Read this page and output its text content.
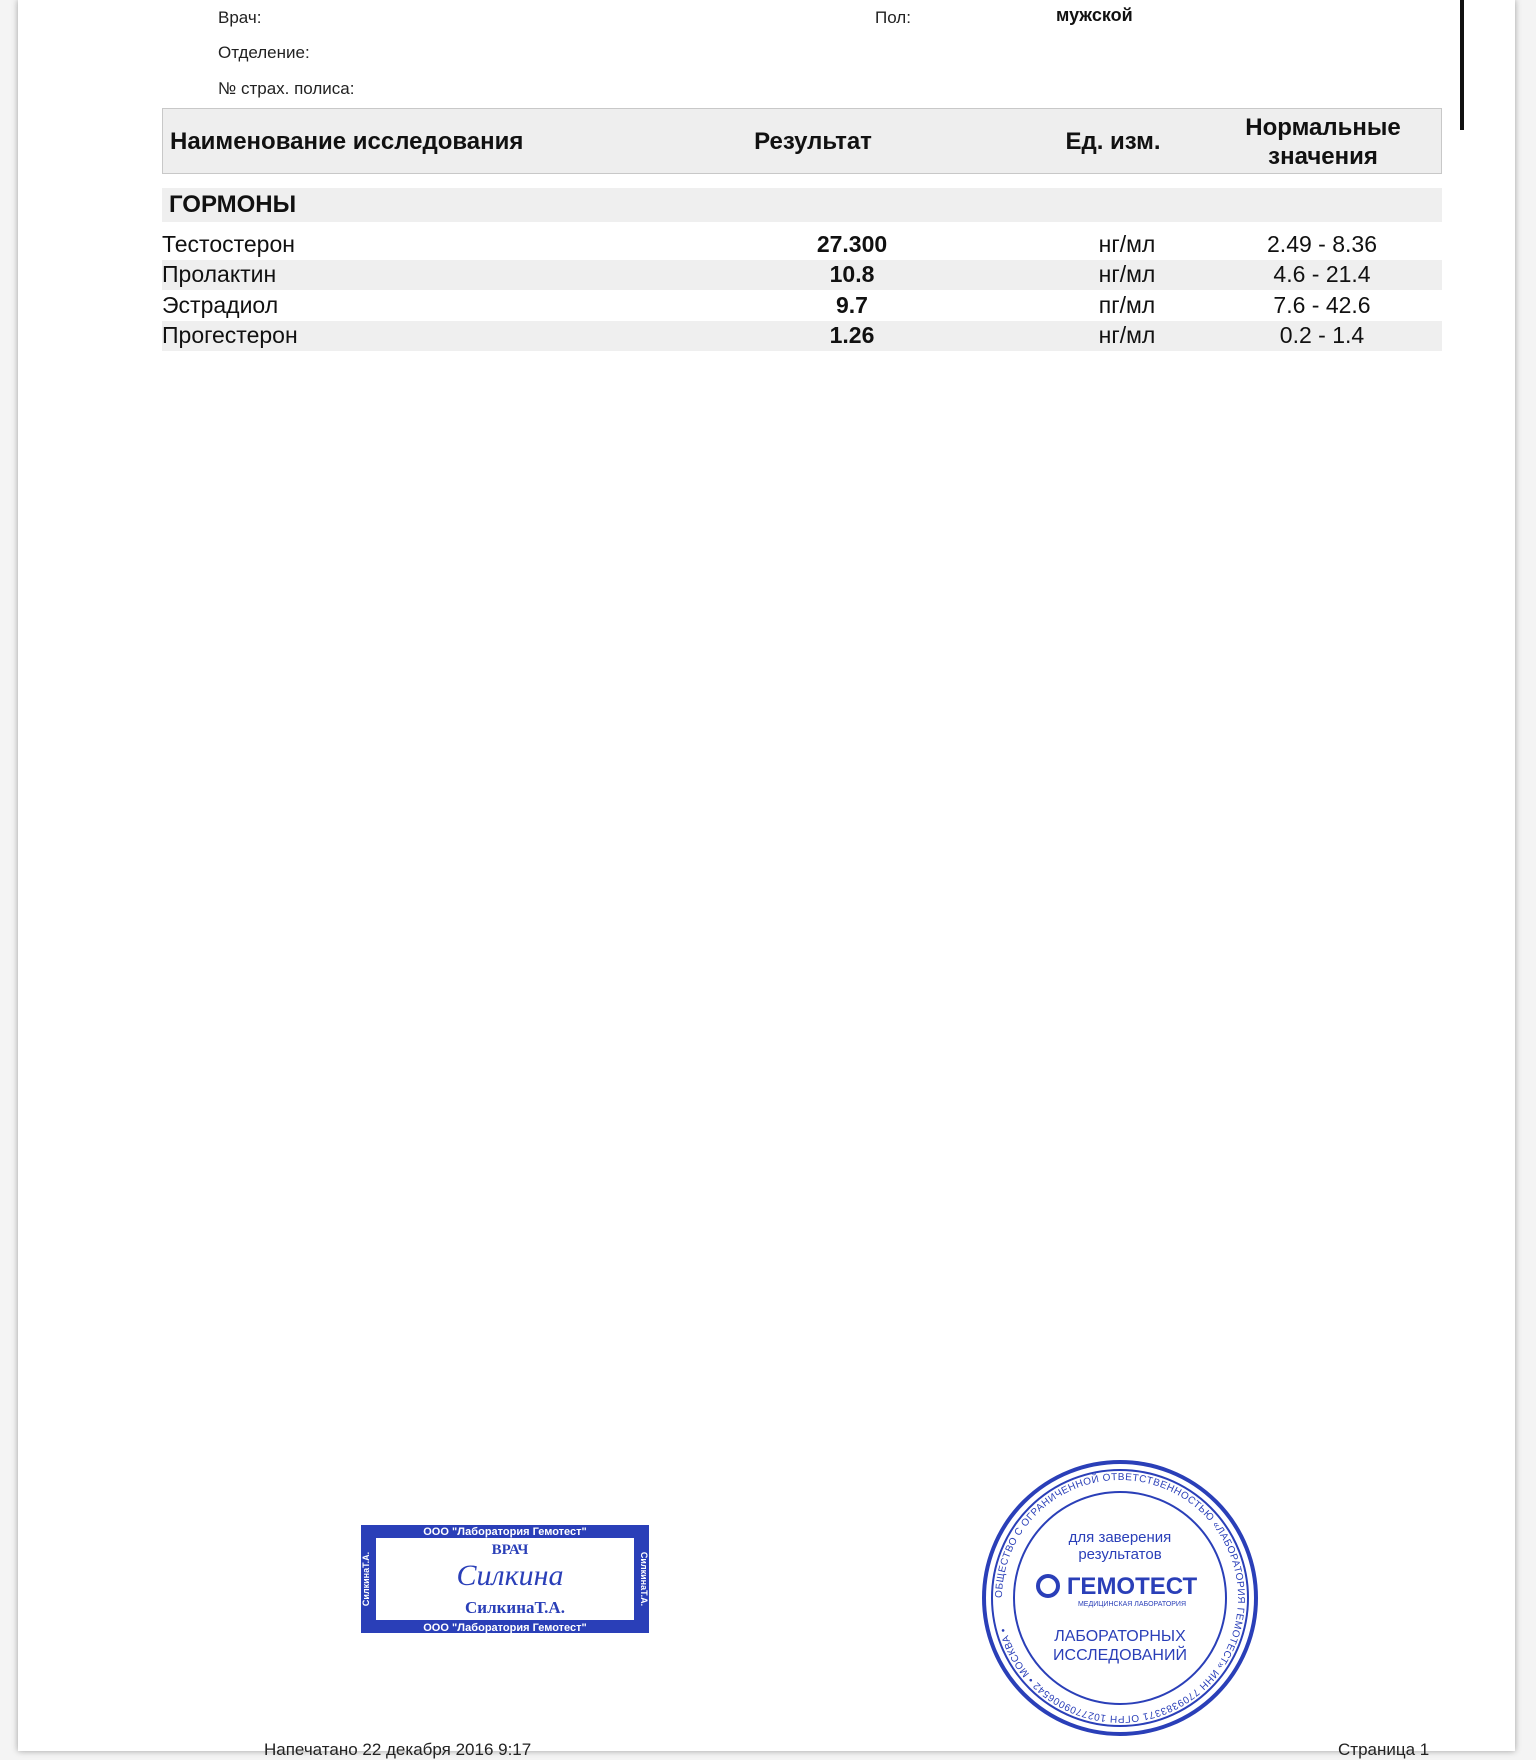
Врач:
Отделение:
№ страх. полиса:
Пол:	мужской
Наименование исследования	Результат	Ед. изм.
Нормальные
значения
ГОРМОНЫ
Тестостерон	27.300	нг/мл	2.49 - 8.36
Пролактин	10.8	нг/мл	4.6 - 21.4
Эстрадиол	9.7	пг/мл	7.6 - 42.6
Прогестерон	1.26	нг/мл	0.2 - 1.4
ООО "Лаборатория Гемотест"
ООО "Лаборатория Гемотест"
СилкинаТ.А.	СилкинаТ.А.
ВРАЧ
Силкина
СилкинаТ.А.
ОБЩЕСТВО С ОГРАНИЧЕННОЙ ОТВЕТСТВЕННОСТЬЮ «ЛАБОРАТОРИЯ ГЕМОТЕСТ» ИНН 7709383371 ОГРН 1027709006542 • МОСКВА •
для заверения
результатов
ГЕМОТЕСТ
МЕДИЦИНСКАЯ ЛАБОРАТОРИЯ
ЛАБОРАТОРНЫХ
ИССЛЕДОВАНИЙ
Напечатано 22 декабря 2016 9:17	Страница 1
